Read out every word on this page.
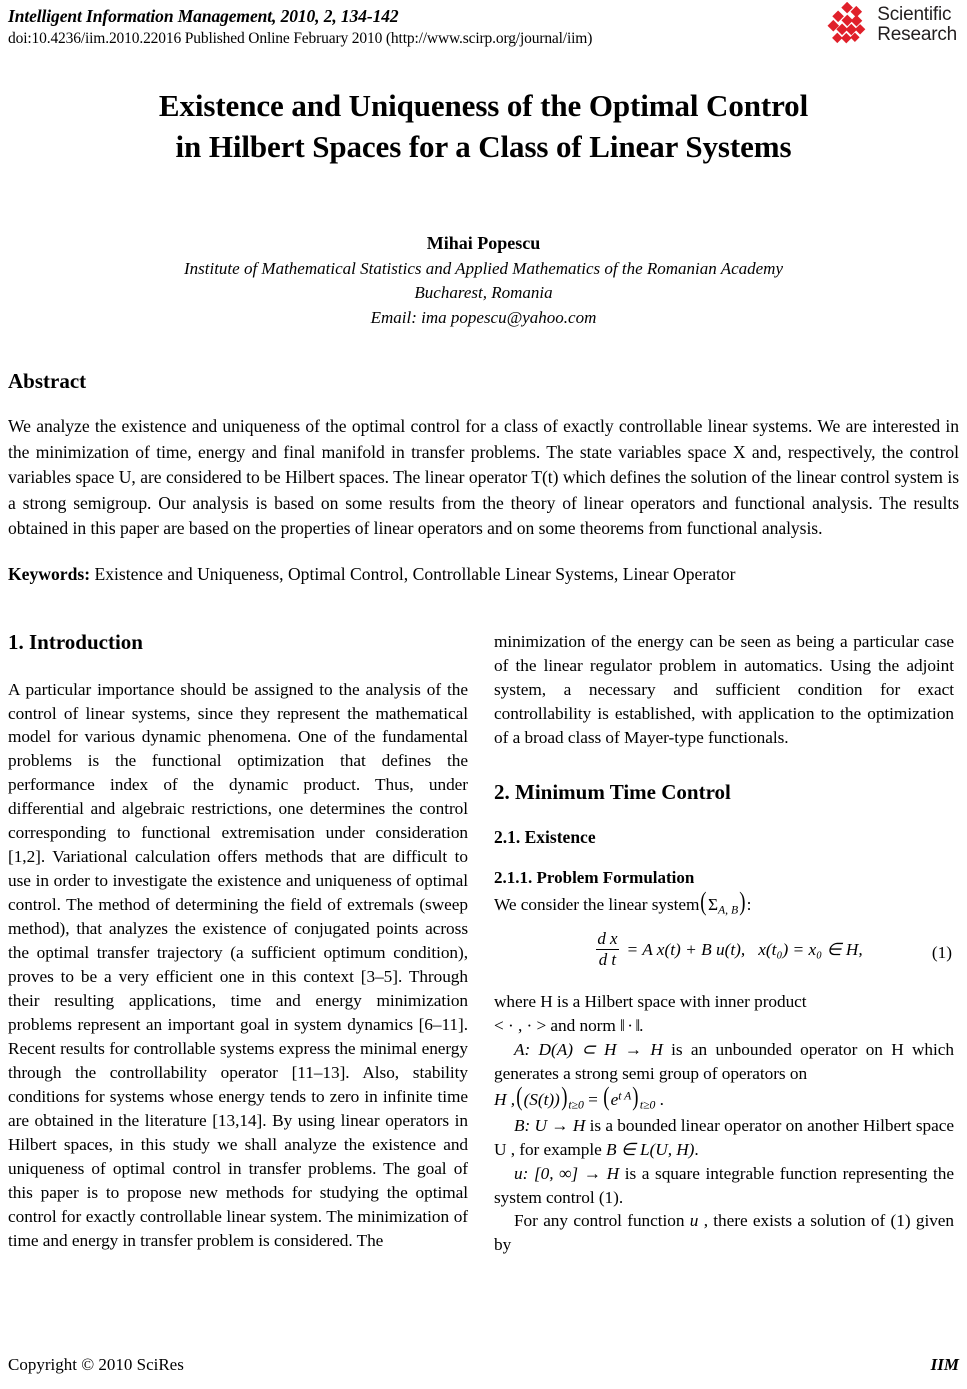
Intelligent Information Management, 2010, 2, 134-142
doi:10.4236/iim.2010.22016 Published Online February 2010 (http://www.scirp.org/journal/iim)
Scientific
Research
Existence and Uniqueness of the Optimal Control
in Hilbert Spaces for a Class of Linear Systems
Mihai Popescu
Institute of Mathematical Statistics and Applied Mathematics of the Romanian Academy
Bucharest, Romania
Email: ima popescu@yahoo.com
Abstract
We analyze the existence and uniqueness of the optimal control for a class of exactly controllable linear systems. We are interested in the minimization of time, energy and final manifold in transfer problems. The state variables space X and, respectively, the control variables space U, are considered to be Hilbert spaces. The linear operator T(t) which defines the solution of the linear control system is a strong semigroup. Our analysis is based on some results from the theory of linear operators and functional analysis. The results obtained in this paper are based on the properties of linear operators and on some theorems from functional analysis.
Keywords: Existence and Uniqueness, Optimal Control, Controllable Linear Systems, Linear Operator
1. Introduction

A particular importance should be assigned to the analysis of the control of linear systems, since they represent the mathematical model for various dynamic phenomena. One of the fundamental problems is the functional optimization that defines the performance index of the dynamic product. Thus, under differential and algebraic restrictions, one determines the control corresponding to functional extremisation under consideration [1,2]. Variational calculation offers methods that are difficult to use in order to investigate the existence and uniqueness of optimal control. The method of determining the field of extremals (sweep method), that analyzes the existence of conjugated points across the optimal transfer trajectory (a sufficient optimum condition), proves to be a very efficient one in this context [3–5]. Through their resulting applications, time and energy minimization problems represent an important goal in system dynamics [6–11]. Recent results for controllable systems express the minimal energy through the controllability operator [11–13]. Also, stability conditions for systems whose energy tends to zero in infinite time are obtained in the literature [13,14]. By using linear operators in Hilbert spaces, in this study we shall analyze the existence and uniqueness of optimal control in transfer problems. The goal of this paper is to propose new methods for studying the optimal control for exactly controllable linear system. The minimization of time and energy in transfer problem is considered. The

minimization of the energy can be seen as being a particular case of the linear regulator problem in automatics. Using the adjoint system, a necessary and sufficient condition for exact controllability is established, with application to the optimization of a broad class of Mayer-type functionals.

2. Minimum Time Control
2.1. Existence
2.1.1. Problem Formulation

We consider the linear $system(\Sigma_{A, B})$:

$\frac{\text{d x}}{\text{d t}} = A$ x(t) + B u(t), x(t₀) = x₀ ∈ H,	(1)

where H is a Hilbert space with inner product

< · , · > and norm ‖ · ‖.

A: D(A) ⊂ H → H is an unbounded operator on H which generates a strong semi group of operators on

H $,((S(t)))_{t\ge 0} = (e^{t A})_{t\ge 0}$ .

B: U → H is a bounded linear operator on another Hilbert space U , for example B ∈ L(U, H).

u: [0, ∞] → H is a square integrable function representing the system control (1).

For any control function u , there exists a solution of (1) given by

Copyright © 2010 SciRes	IIM
